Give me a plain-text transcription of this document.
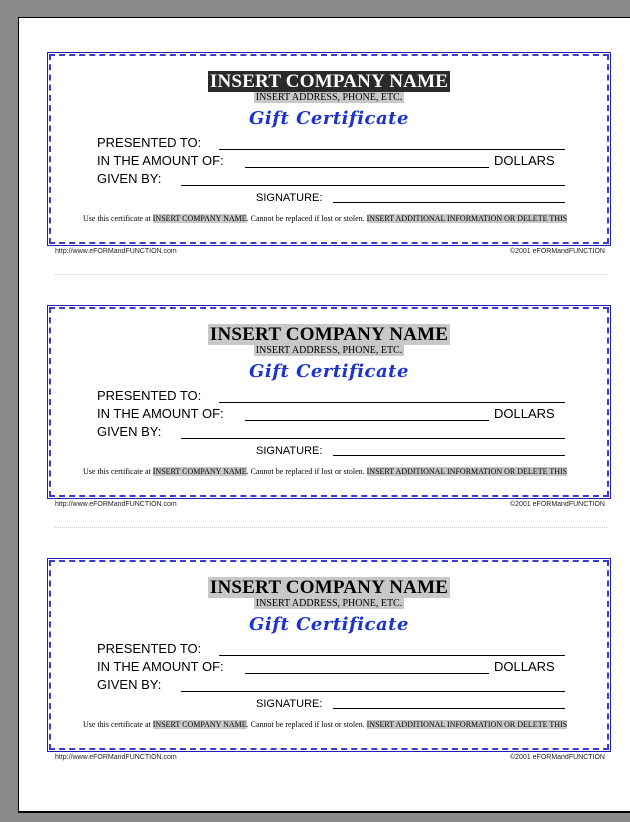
INSERT COMPANY NAME
INSERT ADDRESS, PHONE, ETC.
Gift Certificate
PRESENTED TO:
IN THE AMOUNT OF:	DOLLARS
GIVEN BY:
SIGNATURE:
Use this certificate at INSERT COMPANY NAME. Cannot be replaced if lost or stolen. INSERT ADDITIONAL INFORMATION OR DELETE THIS
http://www.eFORMandFUNCTION.com	©2001 eFORMandFUNCTION
INSERT COMPANY NAME
INSERT ADDRESS, PHONE, ETC.
Gift Certificate
PRESENTED TO:
IN THE AMOUNT OF:	DOLLARS
GIVEN BY:
SIGNATURE:
Use this certificate at INSERT COMPANY NAME. Cannot be replaced if lost or stolen. INSERT ADDITIONAL INFORMATION OR DELETE THIS
http://www.eFORMandFUNCTION.com	©2001 eFORMandFUNCTION
INSERT COMPANY NAME
INSERT ADDRESS, PHONE, ETC.
Gift Certificate
PRESENTED TO:
IN THE AMOUNT OF:	DOLLARS
GIVEN BY:
SIGNATURE:
Use this certificate at INSERT COMPANY NAME. Cannot be replaced if lost or stolen. INSERT ADDITIONAL INFORMATION OR DELETE THIS
http://www.eFORMandFUNCTION.com	©2001 eFORMandFUNCTION
